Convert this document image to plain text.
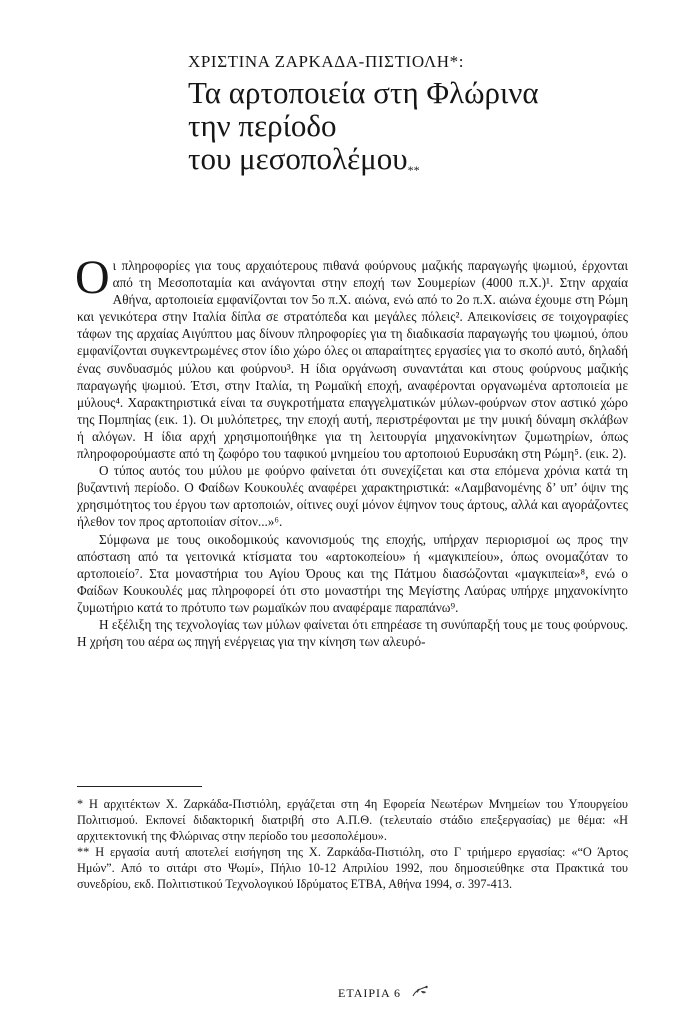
ΧΡΙΣΤΙΝΑ ΖΑΡΚΑΔΑ-ΠΙΣΤΙΟΛΗ*:
Τα αρτοποιεία στη Φλώρινα
την περίοδο
του μεσοπολέμου**

Οι πληροφορίες για τους αρχαιότερους πιθανά φούρνους μαζικής παραγωγής ψωμιού, έρχονται από τη Μεσοποταμία και ανάγονται στην εποχή των Σουμερίων (4000 π.Χ.)¹. Στην αρχαία Αθήνα, αρτοποιεία εμφανίζονται τον 5ο π.Χ. αιώνα, ενώ από το 2ο π.Χ. αιώνα έχουμε στη Ρώμη και γενικότερα στην Ιταλία δίπλα σε στρατόπεδα και μεγάλες πόλεις². Απεικονίσεις σε τοιχογραφίες τάφων της αρχαίας Αιγύπτου μας δίνουν πληροφορίες για τη διαδικασία παραγωγής του ψωμιού, όπου εμφανίζονται συγκεντρωμένες στον ίδιο χώρο όλες οι απαραίτητες εργασίες για το σκοπό αυτό, δηλαδή ένας συνδυασμός μύλου και φούρνου³. Η ίδια οργάνωση συναντάται και στους φούρνους μαζικής παραγωγής ψωμιού. Έτσι, στην Ιταλία, τη Ρωμαϊκή εποχή, αναφέρονται οργανωμένα αρτοποιεία με μύλους⁴. Χαρακτηριστικά είναι τα συγκροτήματα επαγγελματικών μύλων-φούρνων στον αστικό χώρο της Πομπηίας (εικ. 1). Οι μυλόπετρες, την εποχή αυτή, περιστρέφονται με την μυική δύναμη σκλάβων ή αλόγων. Η ίδια αρχή χρησιμοποιήθηκε για τη λειτουργία μηχανοκίνητων ζυμωτηρίων, όπως πληροφορούμαστε από τη ζωφόρο του ταφικού μνημείου του αρτοποιού Ευρυσάκη στη Ρώμη⁵. (εικ. 2).

Ο τύπος αυτός του μύλου με φούρνο φαίνεται ότι συνεχίζεται και στα επόμενα χρόνια κατά τη βυζαντινή περίοδο. Ο Φαίδων Κουκουλές αναφέρει χαρακτηριστικά: «Λαμβανομένης δ’ υπ’ όψιν της χρησιμότητος του έργου των αρτοποιών, οίτινες ουχί μόνον έψηνον τους άρτους, αλλά και αγοράζοντες ήλεθον τον προς αρτοποιίαν σίτον...»⁶.

Σύμφωνα με τους οικοδομικούς κανονισμούς της εποχής, υπήρχαν περιορισμοί ως προς την απόσταση από τα γειτονικά κτίσματα του «αρτοκοπείου» ή «μαγκιπείου», όπως ονομαζόταν το αρτοποιείο⁷. Στα μοναστήρια του Αγίου Όρους και της Πάτμου διασώζονται «μαγκιπεία»⁸, ενώ ο Φαίδων Κουκουλές μας πληροφορεί ότι στο μοναστήρι της Μεγίστης Λαύρας υπήρχε μηχανοκίνητο ζυμωτήριο κατά το πρότυπο των ρωμαϊκών που αναφέραμε παραπάνω⁹.

Η εξέλιξη της τεχνολογίας των μύλων φαίνεται ότι επηρέασε τη συνύπαρξή τους με τους φούρνους. Η χρήση του αέρα ως πηγή ενέργειας για την κίνηση των αλευρό-

* Η αρχιτέκτων Χ. Ζαρκάδα-Πιστιόλη, εργάζεται στη 4η Εφορεία Νεωτέρων Μνημείων του Υπουργείου Πολιτισμού. Εκπονεί διδακτορική διατριβή στο Α.Π.Θ. (τελευταίο στάδιο επεξεργασίας) με θέμα: «Η αρχιτεκτονική της Φλώρινας στην περίοδο του μεσοπολέμου».

** Η εργασία αυτή αποτελεί εισήγηση της Χ. Ζαρκάδα-Πιστιόλη, στο Γ τριήμερο εργασίας: «“Ο Άρτος Ημών”. Από το σιτάρι στο Ψωμί», Πήλιο 10-12 Απριλίου 1992, που δημοσιεύθηκε στα Πρακτικά του συνεδρίου, εκδ. Πολιτιστικού Τεχνολογικού Ιδρύματος ΕΤΒΑ, Αθήνα 1994, σ. 397-413.

ΕΤΑΙΡΙΑ 6
